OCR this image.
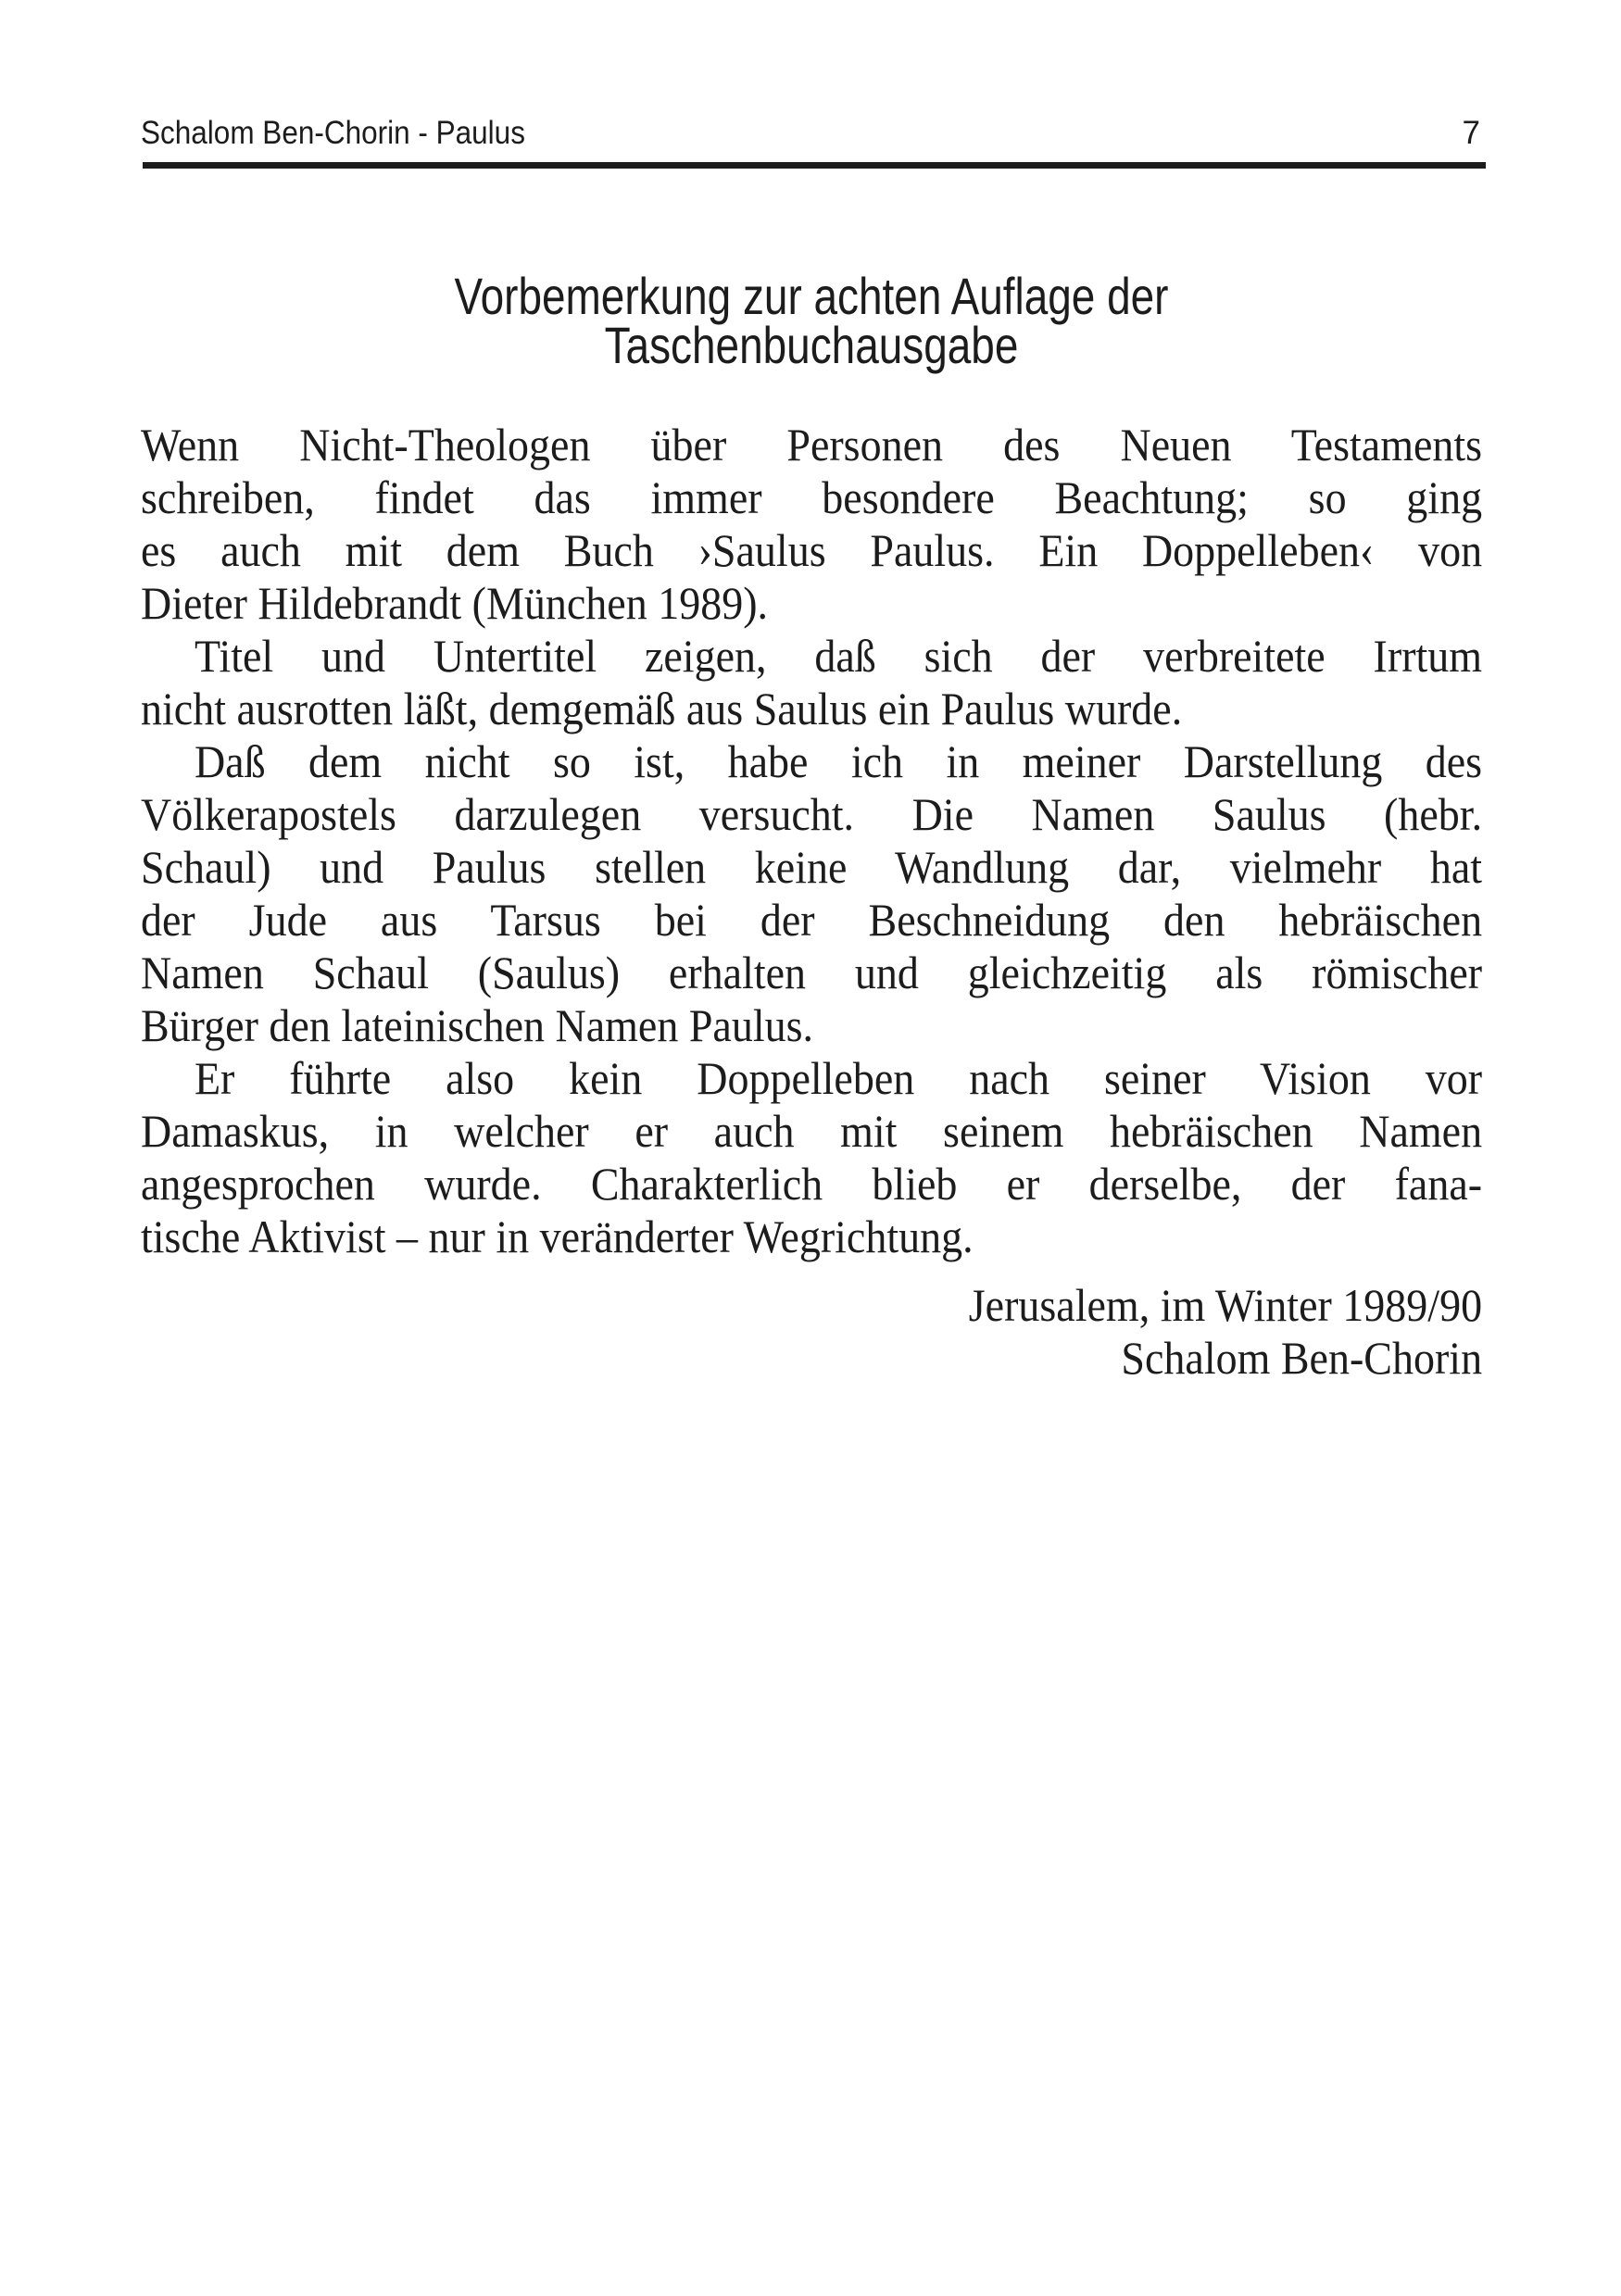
Schalom Ben-Chorin - Paulus	7
Vorbemerkung zur achten Auflage der
Taschenbuchausgabe
Wenn Nicht-Theologen über Personen des Neuen Testaments
schreiben, findet das immer besondere Beachtung; so ging
es auch mit dem Buch ›Saulus Paulus. Ein Doppelleben‹ von
Dieter Hildebrandt (München 1989).
Titel und Untertitel zeigen, daß sich der verbreitete Irrtum
nicht ausrotten läßt, demgemäß aus Saulus ein Paulus wurde.
Daß dem nicht so ist, habe ich in meiner Darstellung des
Völkerapostels darzulegen versucht. Die Namen Saulus (hebr.
Schaul) und Paulus stellen keine Wandlung dar, vielmehr hat
der Jude aus Tarsus bei der Beschneidung den hebräischen
Namen Schaul (Saulus) erhalten und gleichzeitig als römischer
Bürger den lateinischen Namen Paulus.
Er führte also kein Doppelleben nach seiner Vision vor
Damaskus, in welcher er auch mit seinem hebräischen Namen
angesprochen wurde. Charakterlich blieb er derselbe, der fana-
tische Aktivist – nur in veränderter Wegrichtung.
Jerusalem, im Winter 1989/90
Schalom Ben-Chorin
